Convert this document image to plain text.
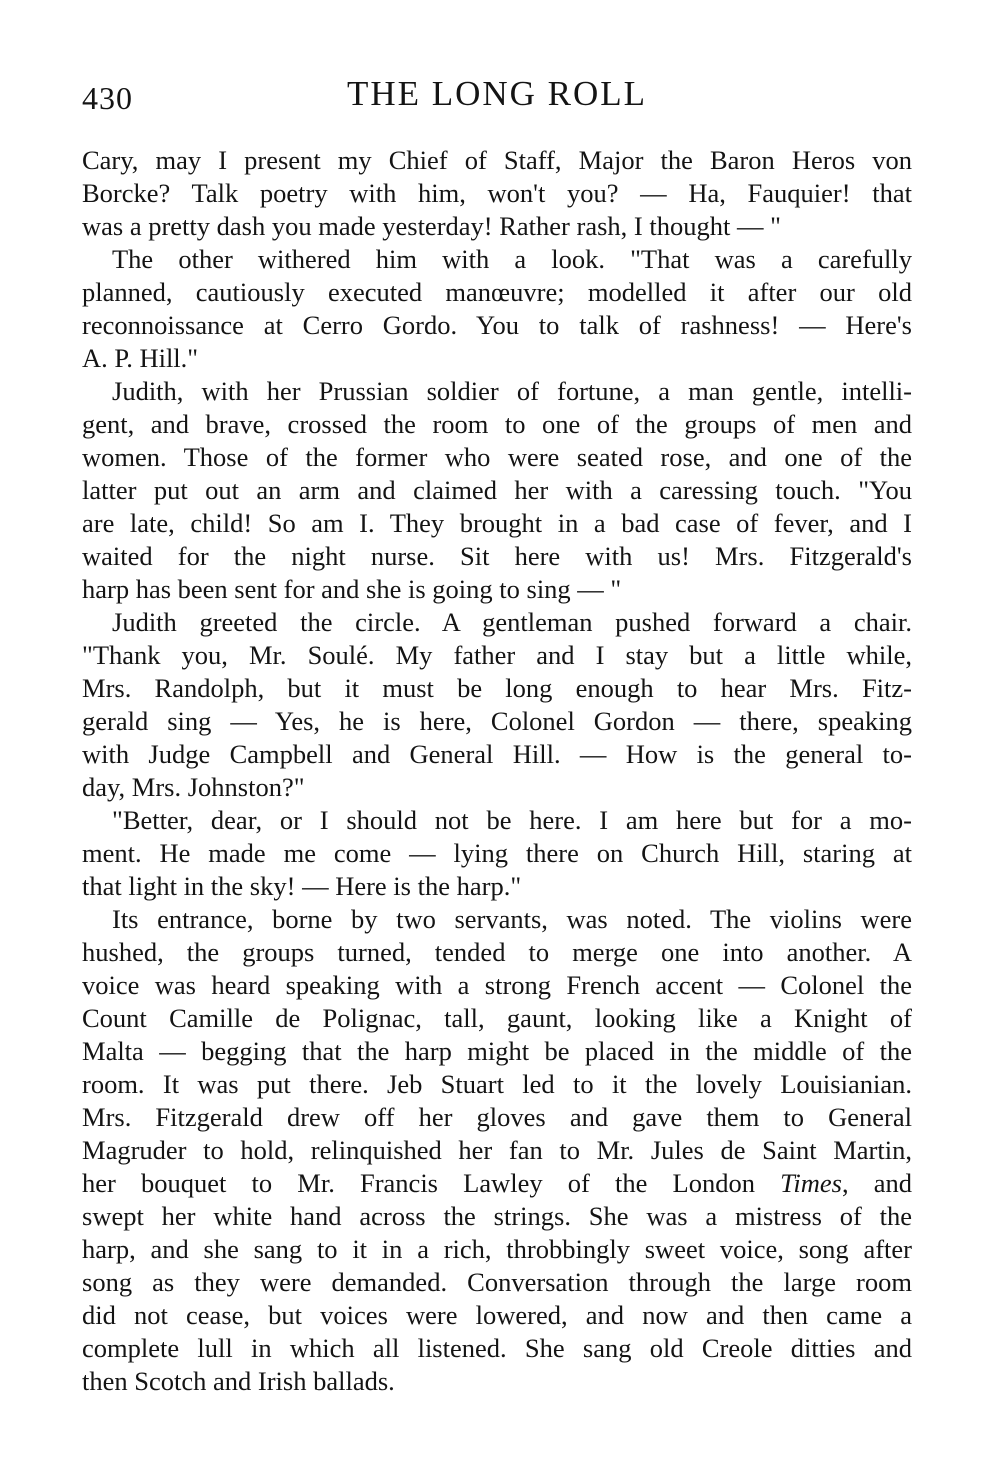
430	THE LONG ROLL

Cary, may I present my Chief of Staff, Major the Baron Heros von
Borcke? Talk poetry with him, won't you? — Ha, Fauquier! that
was a pretty dash you made yesterday! Rather rash, I thought — "

The other withered him with a look. "That was a carefully
planned, cautiously executed manœuvre; modelled it after our old
reconnoissance at Cerro Gordo. You to talk of rashness! — Here's
A. P. Hill."

Judith, with her Prussian soldier of fortune, a man gentle, intelli-
gent, and brave, crossed the room to one of the groups of men and
women. Those of the former who were seated rose, and one of the
latter put out an arm and claimed her with a caressing touch. "You
are late, child! So am I. They brought in a bad case of fever, and I
waited for the night nurse. Sit here with us! Mrs. Fitzgerald's
harp has been sent for and she is going to sing — "

Judith greeted the circle. A gentleman pushed forward a chair.
"Thank you, Mr. Soulé. My father and I stay but a little while,
Mrs. Randolph, but it must be long enough to hear Mrs. Fitz-
gerald sing — Yes, he is here, Colonel Gordon — there, speaking
with Judge Campbell and General Hill. — How is the general to-
day, Mrs. Johnston?"

"Better, dear, or I should not be here. I am here but for a mo-
ment. He made me come — lying there on Church Hill, staring at
that light in the sky! — Here is the harp."

Its entrance, borne by two servants, was noted. The violins were
hushed, the groups turned, tended to merge one into another. A
voice was heard speaking with a strong French accent — Colonel the
Count Camille de Polignac, tall, gaunt, looking like a Knight of
Malta — begging that the harp might be placed in the middle of the
room. It was put there. Jeb Stuart led to it the lovely Louisianian.
Mrs. Fitzgerald drew off her gloves and gave them to General
Magruder to hold, relinquished her fan to Mr. Jules de Saint Martin,
her bouquet to Mr. Francis Lawley of the London Times, and
swept her white hand across the strings. She was a mistress of the
harp, and she sang to it in a rich, throbbingly sweet voice, song after
song as they were demanded. Conversation through the large room
did not cease, but voices were lowered, and now and then came a
complete lull in which all listened. She sang old Creole ditties and
then Scotch and Irish ballads.
